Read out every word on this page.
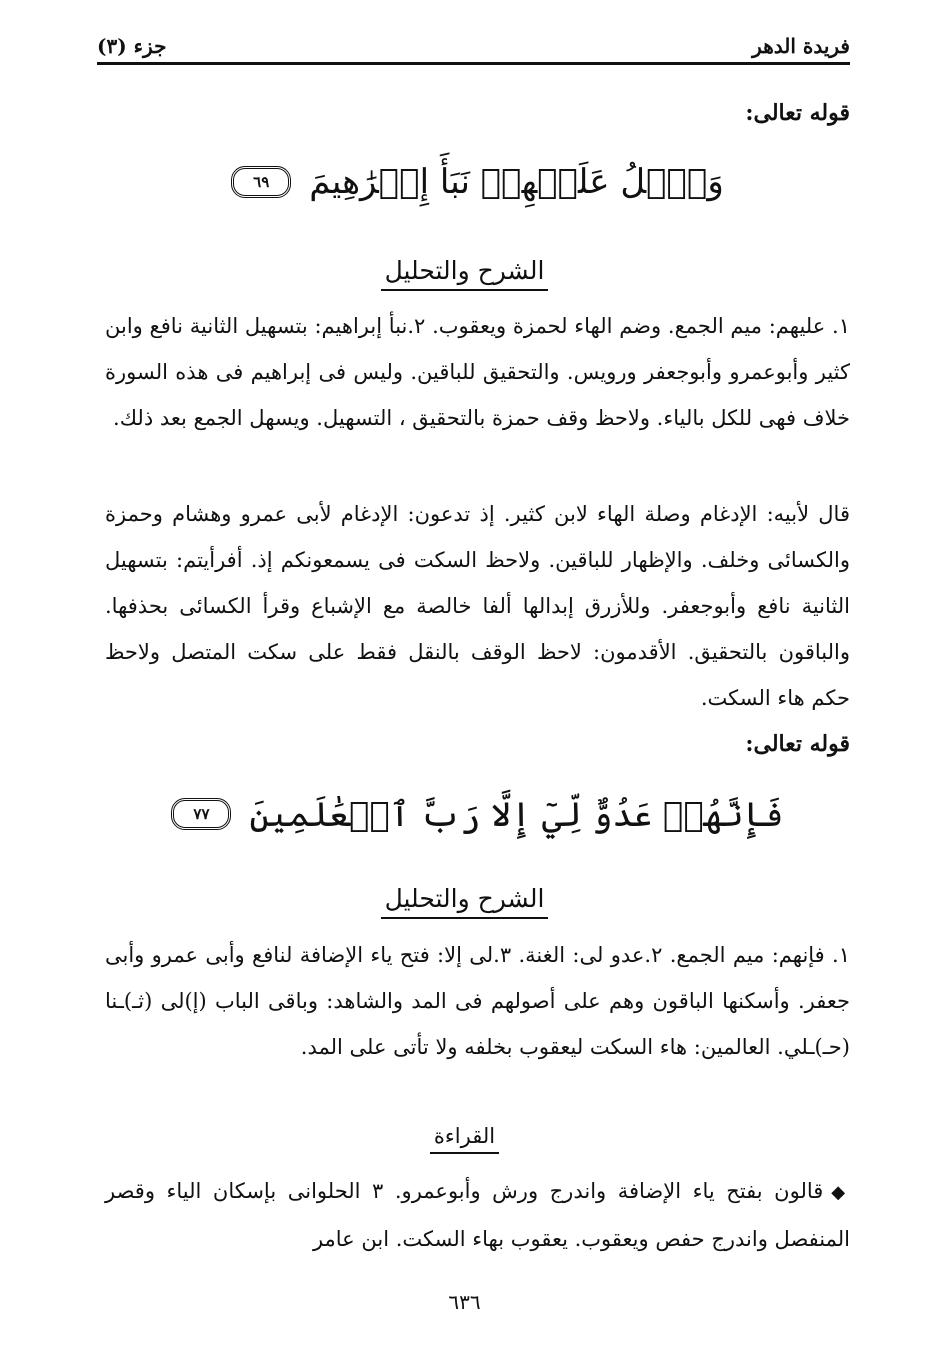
فريدة الدهر
جزء (٣)
قوله تعالى:
وَٱتۡلُ عَلَيۡهِمۡ نَبَأَ إِبۡرَٰهِيمَ
٦٩
الشرح والتحليل
١. عليهم: ميم الجمع. وضم الهاء لحمزة ويعقوب. ٢.نبأ إبراهيم: بتسهيل الثانية نافع وابن كثير وأبوعمرو وأبوجعفر ورويس. والتحقيق للباقين. وليس فى إبراهيم فى هذه السورة خلاف فهى للكل بالياء. ولاحظ وقف حمزة بالتحقيق ، التسهيل. ويسهل الجمع بعد ذلك.
قال لأبيه: الإدغام وصلة الهاء لابن كثير. إذ تدعون: الإدغام لأبى عمرو وهشام وحمزة والكسائى وخلف. والإظهار للباقين. ولاحظ السكت فى يسمعونكم إذ. أفرأيتم: بتسهيل الثانية نافع وأبوجعفر. وللأزرق إبدالها ألفا خالصة مع الإشباع وقرأ الكسائى بحذفها. والباقون بالتحقيق. الأقدمون: لاحظ الوقف بالنقل فقط على سكت المتصل ولاحظ حكم هاء السكت.
قوله تعالى:
فَإِنَّهُمۡ عَدُوٌّ لِّيٓ إِلَّا رَبَّ ٱلۡعَٰلَمِينَ
٧٧
الشرح والتحليل
١. فإنهم: ميم الجمع. ٢.عدو لى: الغنة. ٣.لى إلا: فتح ياء الإضافة لنافع وأبى عمرو وأبى جعفر. وأسكنها الباقون وهم على أصولهم فى المد والشاهد: وباقى الباب (إ)لى (ثـ)ـنا (حـ)ـلي. العالمين: هاء السكت ليعقوب بخلفه ولا تأتى على المد.
القراءة
◆قالون بفتح ياء الإضافة واندرج ورش وأبوعمرو. ٣ الحلوانى بإسكان الياء وقصر المنفصل واندرج حفص ويعقوب. يعقوب بهاء السكت. ابن عامر
٦٣٦
